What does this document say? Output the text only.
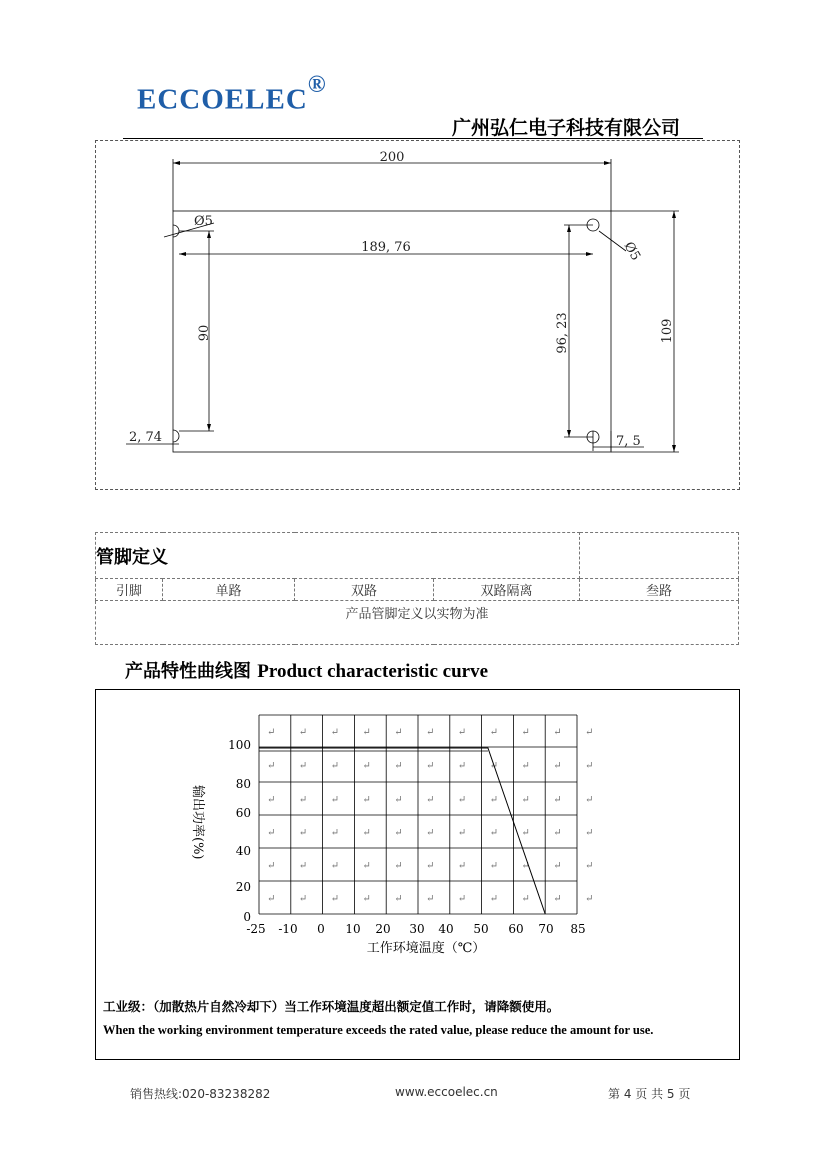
ECCOELEC®
广州弘仁电子科技有限公司
200
Ø5
189, 76
90	96, 23	109
Ø5
2, 74	7, 5
管脚定义				
引脚	单路	双路	双路隔离	叁路
产品管脚定义以实物为准				
产品特性曲线图 Product characteristic curve
↵ ↵ ↵ ↵ ↵ ↵ ↵ ↵ ↵ ↵ ↵
↵ ↵ ↵ ↵ ↵ ↵ ↵ ↵ ↵ ↵ ↵
↵ ↵ ↵ ↵ ↵ ↵ ↵ ↵ ↵ ↵ ↵
↵ ↵ ↵ ↵ ↵ ↵ ↵ ↵ ↵ ↵ ↵
↵ ↵ ↵ ↵ ↵ ↵ ↵ ↵ ↵ ↵ ↵
↵ ↵ ↵ ↵ ↵ ↵ ↵ ↵ ↵ ↵ ↵
100
80
60
40
20
0
-25 -10 0 10 20 30 40 50 60 70 85
输出功率(%)
工作环境温度（℃）
工业级：（加散热片自然冷却下）当工作环境温度超出额定值工作时，请降额使用。
When the working environment temperature exceeds the rated value, please reduce the amount for use.
销售热线:020-83238282	www.eccoelec.cn	第 4 页 共 5 页
